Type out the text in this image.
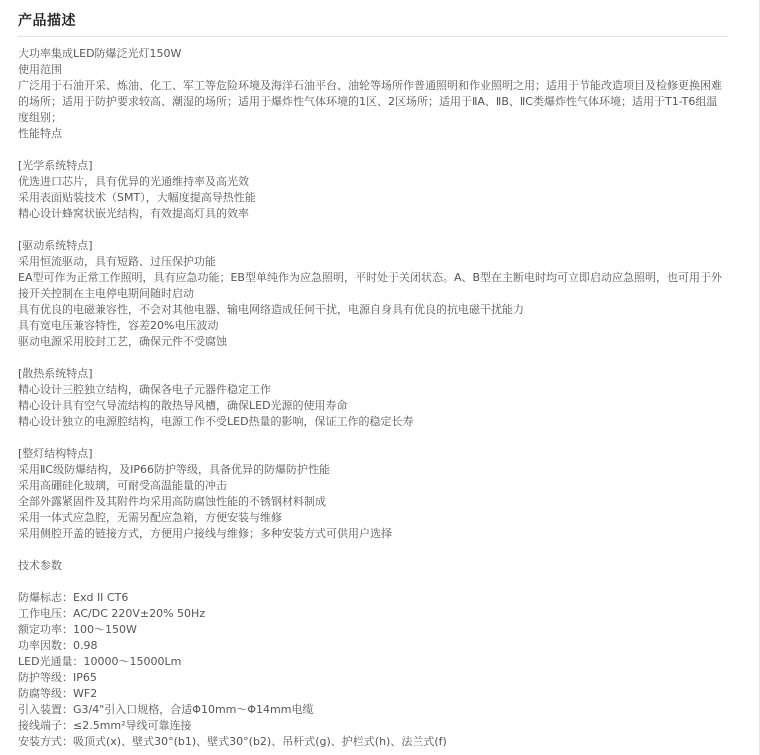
产品描述
大功率集成LED防爆泛光灯150W
使用范围
广泛用于石油开采、炼油、化工、军工等危险环境及海洋石油平台、油轮等场所作普通照明和作业照明之用；适用于节能改造项目及检修更换困难的场所；适用于防护要求较高、潮湿的场所；适用于爆炸性气体环境的1区、2区场所；适用于ⅡA、ⅡB、ⅡC类爆炸性气体环境；适用于T1-T6组温度组别；
性能特点
[光学系统特点]
优选进口芯片，具有优异的光通维持率及高光效
采用表面贴装技术（SMT），大幅度提高导热性能
精心设计蜂窝状嵌光结构，有效提高灯具的效率
[驱动系统特点]
采用恒流驱动，具有短路、过压保护功能
EA型可作为正常工作照明，具有应急功能；EB型单纯作为应急照明，平时处于关闭状态。A、B型在主断电时均可立即启动应急照明，也可用于外接开关控制在主电停电期间随时启动
具有优良的电磁兼容性，不会对其他电器、输电网络造成任何干扰，电源自身具有优良的抗电磁干扰能力
具有宽电压兼容特性，容差20%电压波动
驱动电源采用胶封工艺，确保元件不受腐蚀
[散热系统特点]
精心设计三腔独立结构，确保各电子元器件稳定工作
精心设计具有空气导流结构的散热导风槽，确保LED光源的使用寿命
精心设计独立的电源腔结构，电源工作不受LED热量的影响，保证工作的稳定长寿
[整灯结构特点]
采用ⅡC级防爆结构，及IP66防护等级，具备优异的防爆防护性能
采用高硼硅化玻璃，可耐受高温能量的冲击
全部外露紧固件及其附件均采用高防腐蚀性能的不锈钢材料制成
采用一体式应急腔，无需另配应急箱，方便安装与维修
采用侧腔开盖的链接方式，方便用户接线与维修；多种安装方式可供用户选择
技术参数
防爆标志：Exd II CT6
工作电压：AC/DC 220V±20% 50Hz
额定功率：100～150W
功率因数：0.98
LED光通量：10000～15000Lm
防护等级：IP65
防腐等级：WF2
引入装置：G3/4"引入口规格，合适Φ10mm～Φ14mm电缆
接线端子：≤2.5mm²导线可靠连接
安装方式：吸顶式(x)、壁式30°(b1)、壁式30°(b2)、吊杆式(g)、护栏式(h)、法兰式(f)
